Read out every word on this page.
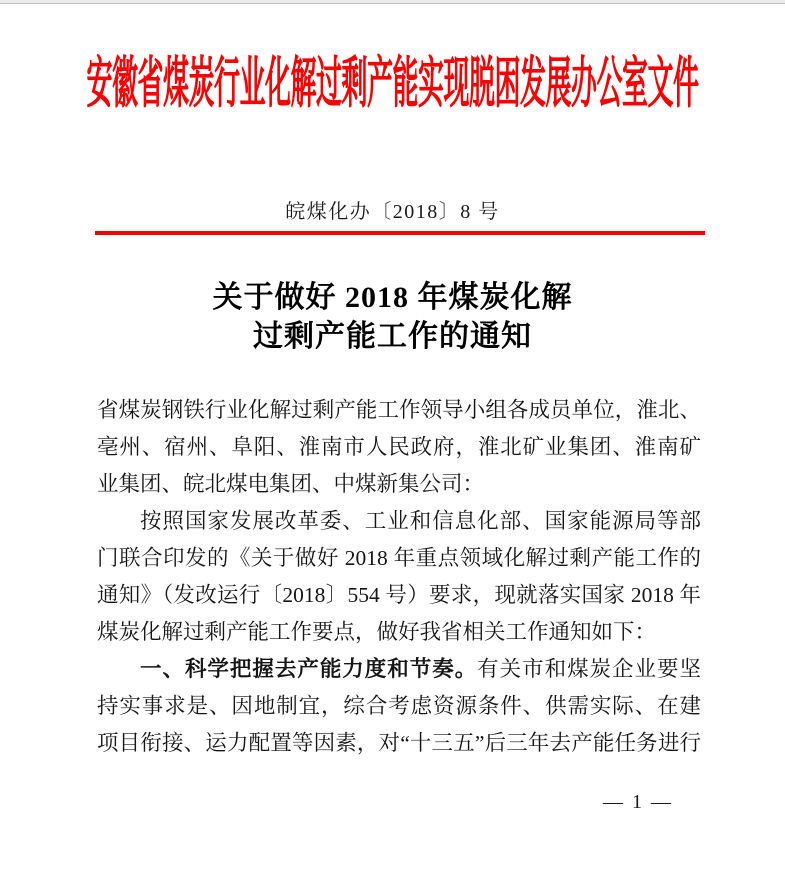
安徽省煤炭行业化解过剩产能实现脱困发展办公室文件
皖煤化办〔2018〕8 号
关于做好 2018 年煤炭化解
过剩产能工作的通知
省煤炭钢铁行业化解过剩产能工作领导小组各成员单位，淮北、
亳州、宿州、阜阳、淮南市人民政府，淮北矿业集团、淮南矿
业集团、皖北煤电集团、中煤新集公司：
按照国家发展改革委、工业和信息化部、国家能源局等部
门联合印发的《关于做好 2018 年重点领域化解过剩产能工作的
通知》（发改运行〔2018〕554 号）要求，现就落实国家 2018 年
煤炭化解过剩产能工作要点，做好我省相关工作通知如下：
一、科学把握去产能力度和节奏。有关市和煤炭企业要坚
持实事求是、因地制宜，综合考虑资源条件、供需实际、在建
项目衔接、运力配置等因素，对“十三五”后三年去产能任务进行
— 1 —
